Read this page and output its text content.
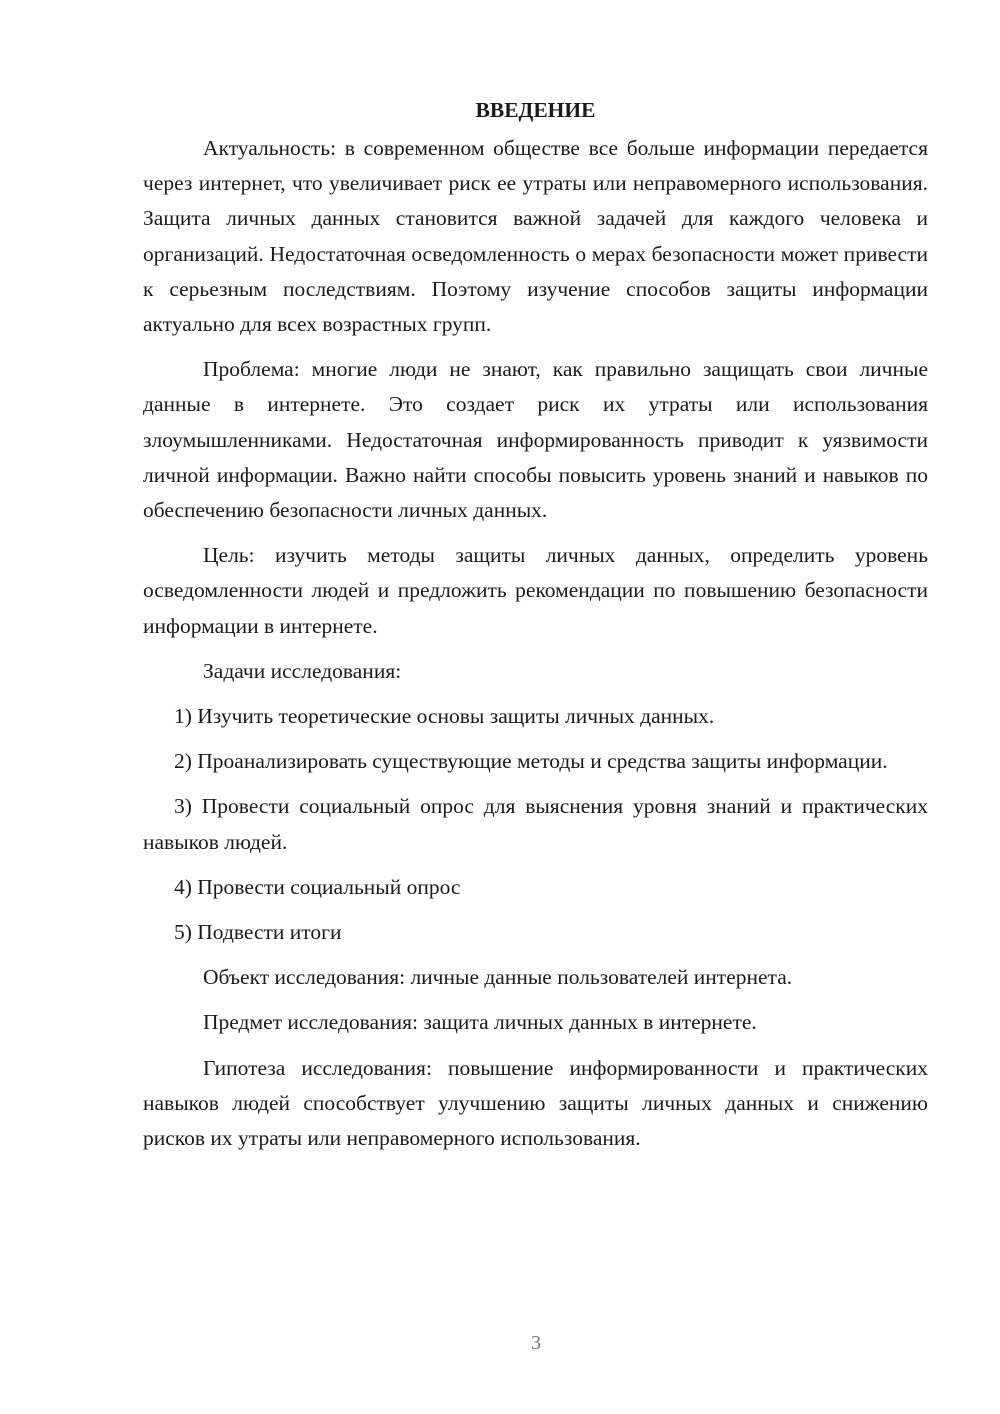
ВВЕДЕНИЕ

Актуальность: в современном обществе все больше информации передается через интернет, что увеличивает риск ее утраты или неправомерного использования. Защита личных данных становится важной задачей для каждого человека и организаций. Недостаточная осведомленность о мерах безопасности может привести к серьезным последствиям. Поэтому изучение способов защиты информации актуально для всех возрастных групп.

Проблема: многие люди не знают, как правильно защищать свои личные данные в интернете. Это создает риск их утраты или использования злоумышленниками. Недостаточная информированность приводит к уязвимости личной информации. Важно найти способы повысить уровень знаний и навыков по обеспечению безопасности личных данных.

Цель: изучить методы защиты личных данных, определить уровень осведомленности людей и предложить рекомендации по повышению безопасности информации в интернете.

Задачи исследования:

1) Изучить теоретические основы защиты личных данных.

2) Проанализировать существующие методы и средства защиты информации.

3) Провести социальный опрос для выяснения уровня знаний и практических навыков людей.

4) Провести социальный опрос

5) Подвести итоги

Объект исследования: личные данные пользователей интернета.

Предмет исследования: защита личных данных в интернете.

Гипотеза исследования: повышение информированности и практических навыков людей способствует улучшению защиты личных данных и снижению рисков их утраты или неправомерного использования.

3
